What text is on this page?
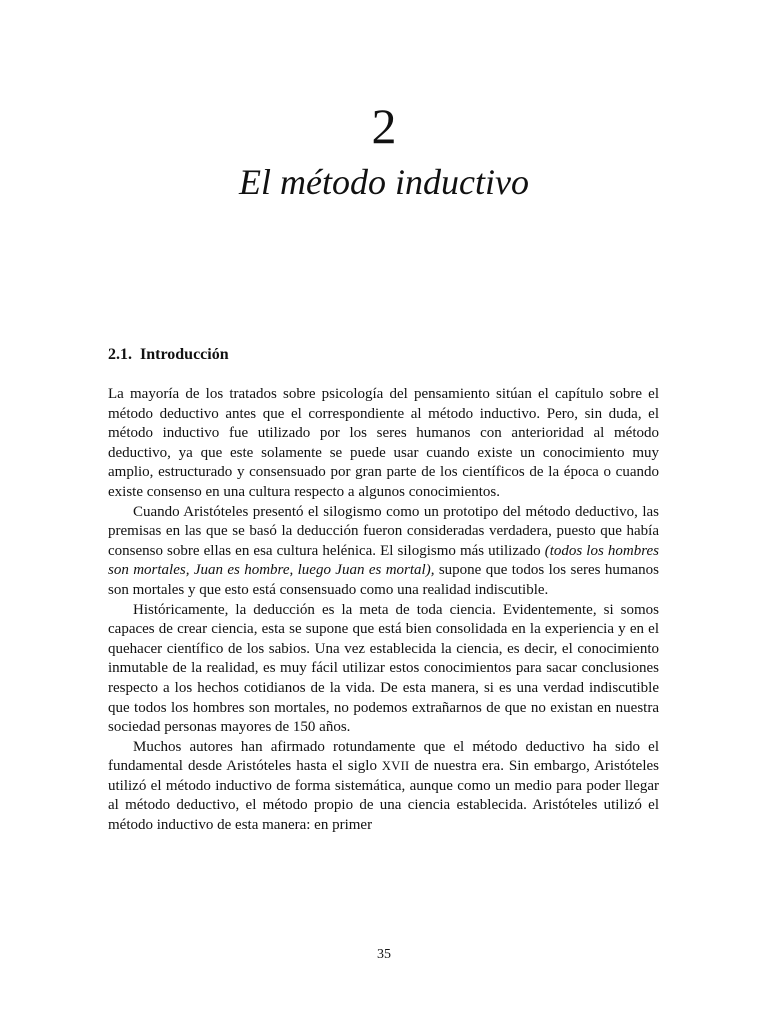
2
El método inductivo
2.1. Introducción

La mayoría de los tratados sobre psicología del pensamiento sitúan el capítulo sobre el método deductivo antes que el correspondiente al método inductivo. Pero, sin duda, el método inductivo fue utilizado por los seres humanos con anterioridad al método deductivo, ya que este solamente se puede usar cuando existe un conocimiento muy amplio, estructurado y consensuado por gran parte de los científicos de la época o cuando existe consenso en una cultura respecto a algunos conocimientos.

Cuando Aristóteles presentó el silogismo como un prototipo del método deductivo, las premisas en las que se basó la deducción fueron consideradas verdadera, puesto que había consenso sobre ellas en esa cultura helénica. El silogismo más utilizado (todos los hombres son mortales, Juan es hombre, luego Juan es mortal), supone que todos los seres humanos son mortales y que esto está consensuado como una realidad indiscutible.

Históricamente, la deducción es la meta de toda ciencia. Evidentemente, si somos capaces de crear ciencia, esta se supone que está bien consolidada en la experiencia y en el quehacer científico de los sabios. Una vez establecida la ciencia, es decir, el conocimiento inmutable de la realidad, es muy fácil utilizar estos conocimientos para sacar conclusiones respecto a los hechos cotidianos de la vida. De esta manera, si es una verdad indiscutible que todos los hombres son mortales, no podemos extrañarnos de que no existan en nuestra sociedad personas mayores de 150 años.

Muchos autores han afirmado rotundamente que el método deductivo ha sido el fundamental desde Aristóteles hasta el siglo XVII de nuestra era. Sin embargo, Aristóteles utilizó el método inductivo de forma sistemática, aunque como un medio para poder llegar al método deductivo, el método propio de una ciencia establecida. Aristóteles utilizó el método inductivo de esta manera: en primer

35
